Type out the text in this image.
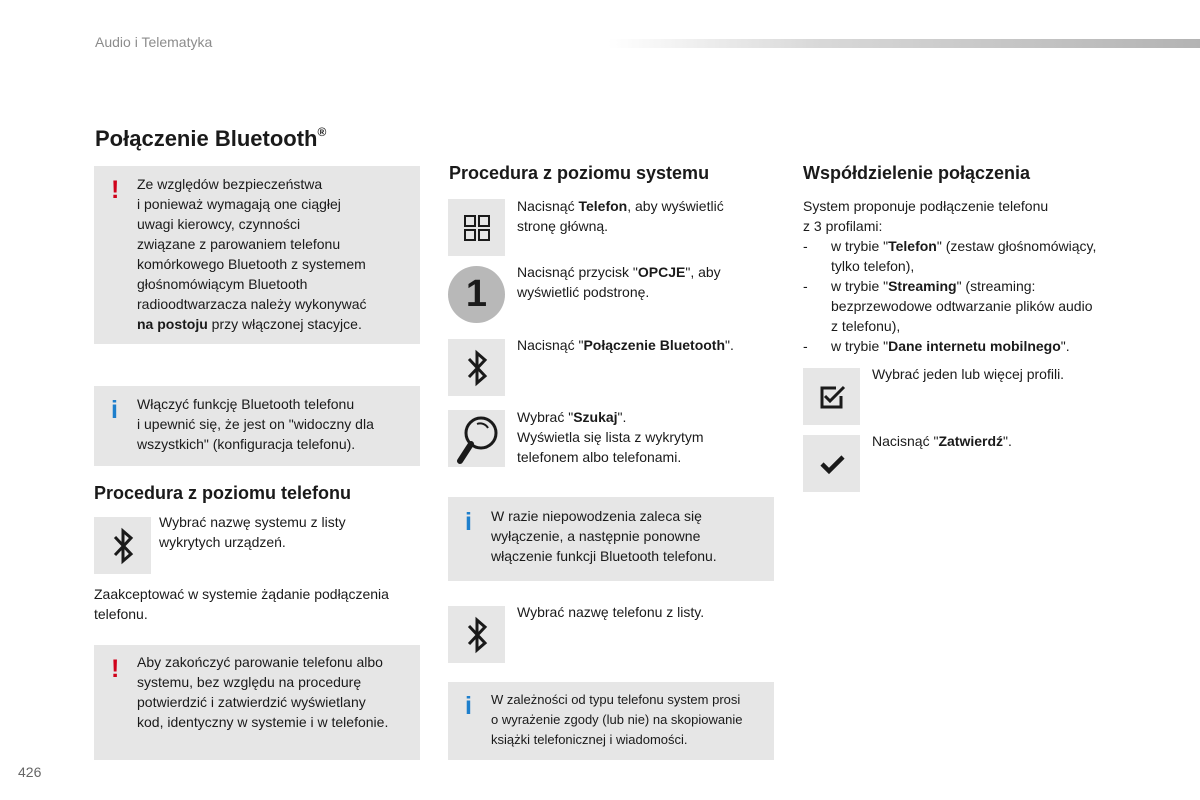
Audio i Telematyka
426
Połączenie Bluetooth®
! Ze względów bezpieczeństwa
i ponieważ wymagają one ciągłej
uwagi kierowcy, czynności
związane z parowaniem telefonu
komórkowego Bluetooth z systemem
głośnomówiącym Bluetooth
radioodtwarzacza należy wykonywać
na postoju przy włączonej stacyjce.
i Włączyć funkcję Bluetooth telefonu
i upewnić się, że jest on "widoczny dla
wszystkich" (konfiguracja telefonu).
Procedura z poziomu telefonu
Wybrać nazwę systemu z listy
wykrytych urządzeń.
Zaakceptować w systemie żądanie podłączenia
telefonu.
! Aby zakończyć parowanie telefonu albo
systemu, bez względu na procedurę
potwierdzić i zatwierdzić wyświetlany
kod, identyczny w systemie i w telefonie.
Procedura z poziomu systemu
Nacisnąć Telefon, aby wyświetlić
stronę główną.
1
Nacisnąć przycisk "OPCJE", aby
wyświetlić podstronę.
Nacisnąć "Połączenie Bluetooth".
Wybrać "Szukaj".
Wyświetla się lista z wykrytym
telefonem albo telefonami.
i W razie niepowodzenia zaleca się
wyłączenie, a następnie ponowne
włączenie funkcji Bluetooth telefonu.
Wybrać nazwę telefonu z listy.
i W zależności od typu telefonu system prosi
o wyrażenie zgody (lub nie) na skopiowanie
książki telefonicznej i wiadomości.
Współdzielenie połączenia
System proponuje podłączenie telefonu
z 3 profilami:
- w trybie "Telefon" (zestaw głośnomówiący,
tylko telefon),
- w trybie "Streaming" (streaming:
bezprzewodowe odtwarzanie plików audio
z telefonu),
- w trybie "Dane internetu mobilnego".
Wybrać jeden lub więcej profili.
Nacisnąć "Zatwierdź".
